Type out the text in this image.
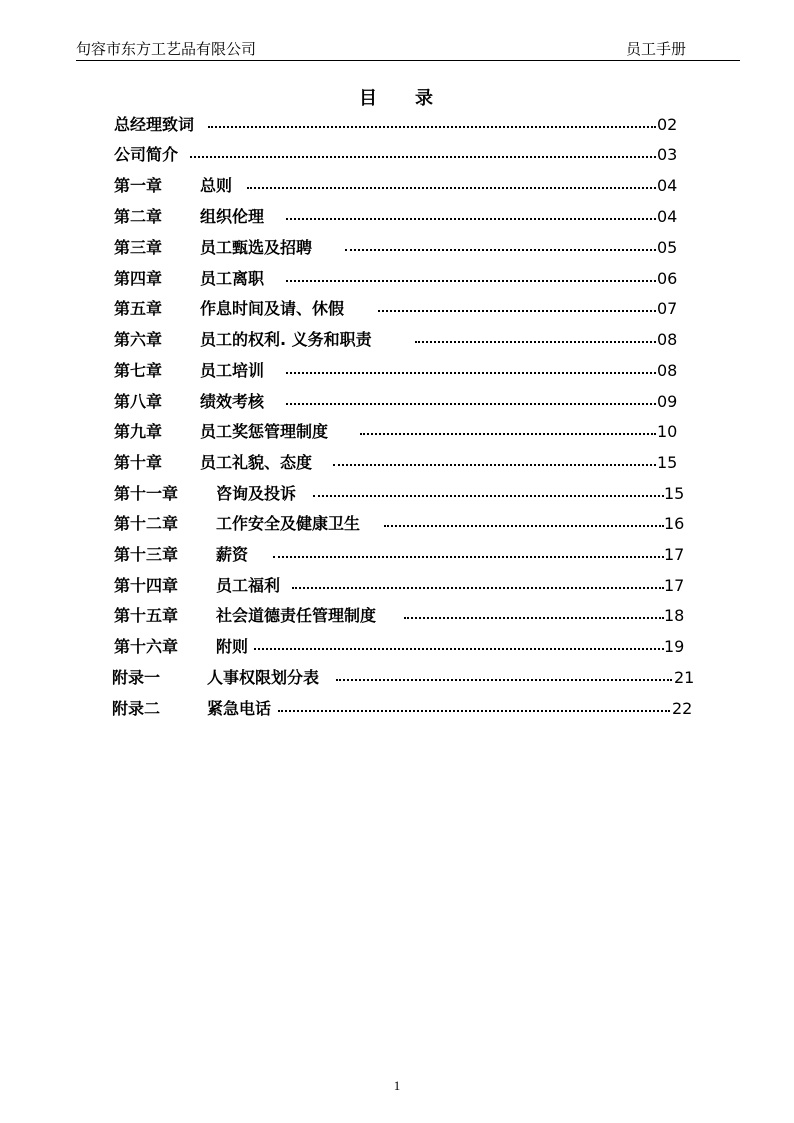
句容市东方工艺品有限公司	员工手册
目 录
总经理致词	02
公司简介	03
第一章 总则	04
第二章 组织伦理	04
第三章 员工甄选及招聘	05
第四章 员工离职	06
第五章 作息时间及请、休假	07
第六章 员工的权利. 义务和职责	08
第七章 员工培训	08
第八章 绩效考核	09
第九章 员工奖惩管理制度	10
第十章 员工礼貌、态度	15
第十一章 咨询及投诉	15
第十二章 工作安全及健康卫生	16
第十三章 薪资	17
第十四章 员工福利	17
第十五章 社会道德责任管理制度	18
第十六章 附则	19
附录一	人事权限划分表	21
附录二	紧急电话	22
1
